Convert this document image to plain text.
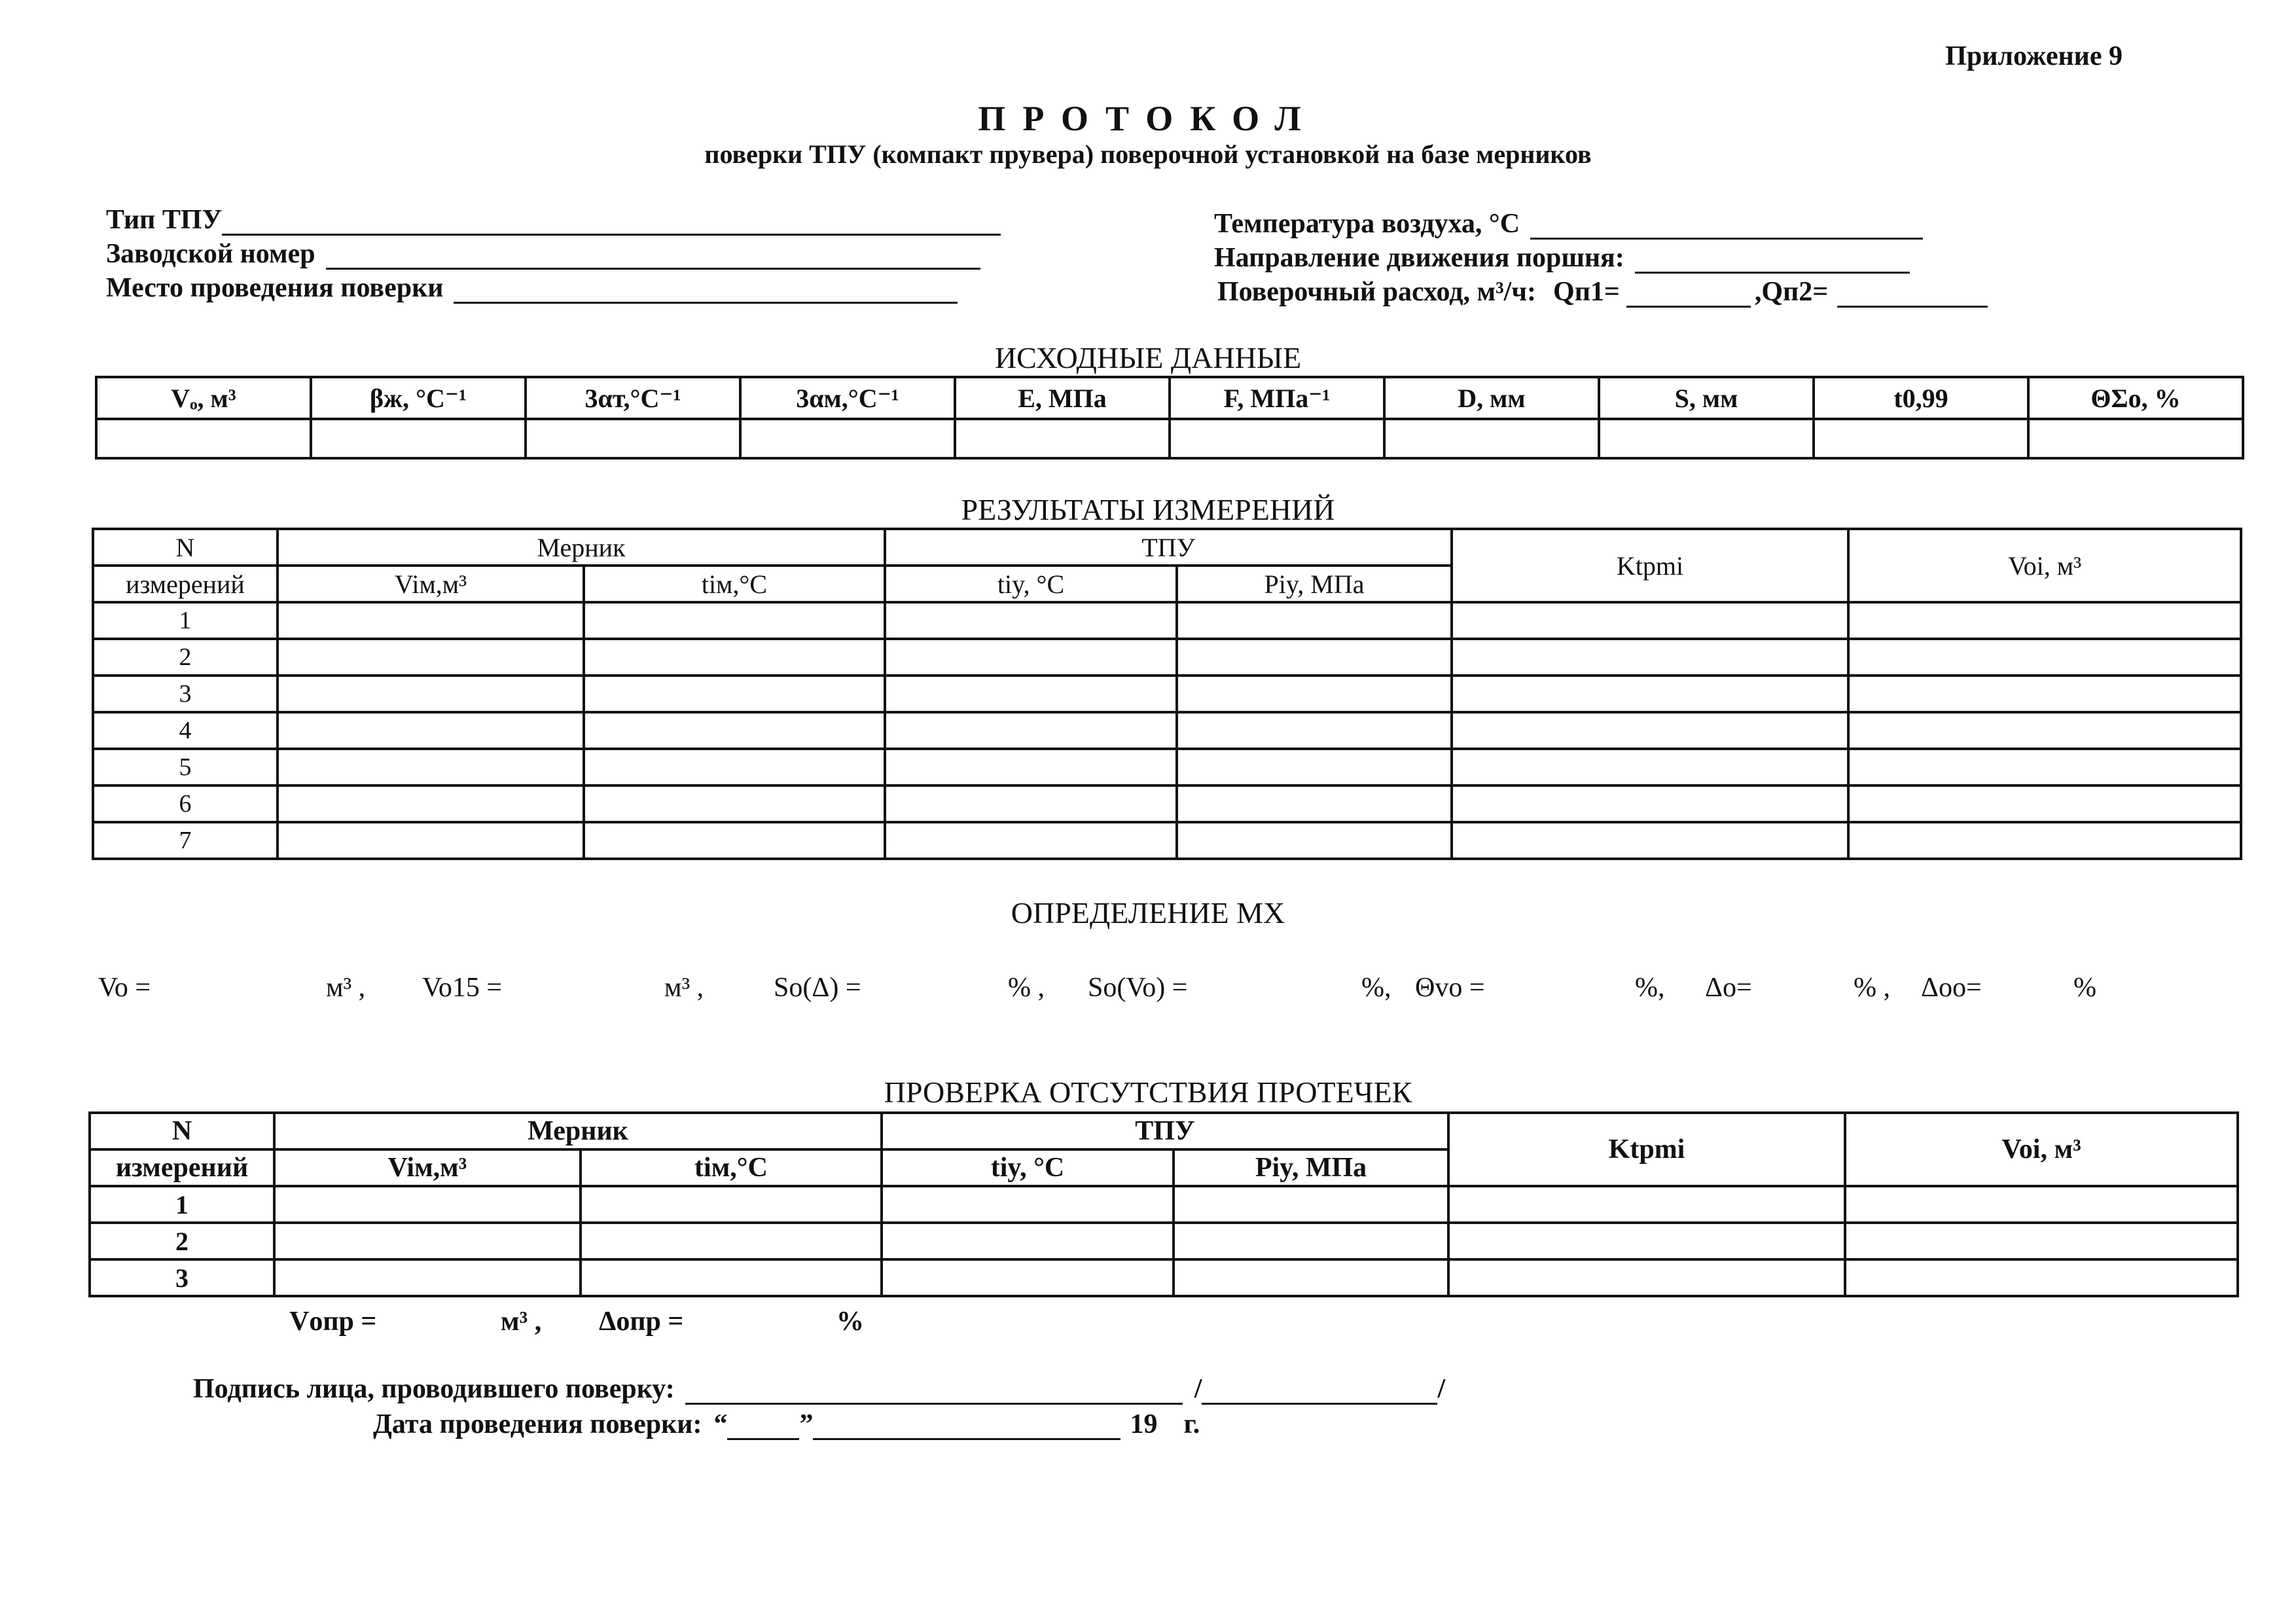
Приложение 9
ПРОТОКОЛ
поверки ТПУ (компакт прувера) поверочной установкой на базе мерников
Тип ТПУ
Заводской номер
Место проведения поверки
Температура воздуха, °С
Направление движения поршня:
Поверочный расход, м³/ч: Qп1=	, Qп2=
ИСХОДНЫЕ ДАННЫЕ
Vₒ, м³	βж, °С⁻¹	3αт,°С⁻¹	3αм,°С⁻¹	E, МПа	F, МПа⁻¹	D, мм	S, мм	t0,99	ΘΣo, %

РЕЗУЛЬТАТЫ ИЗМЕРЕНИЙ
N	Мерник		ТПУ		Ktpmi	Voi, м³
измерений	Viм,м³	tiм,°С	tiy, °С	Piy, МПа		
1						
2						
3						
4						
5						
6						
7						
ОПРЕДЕЛЕНИЕ МХ
Vo =	м³ , Vo15 =	м³ ,	So(Δ) =	% , So(Vo) =	%, Θvo =	%, Δo=	% , Δoo=	%
ПРОВЕРКА ОТСУТСТВИЯ ПРОТЕЧЕК
N	Мерник		ТПУ		Ktpmi	Voi, м³
измерений	Viм,м³	tiм,°С	tiy, °С	Piy, МПа		
1						
2						
3						
Vопр =	м³ , Δопр =	%
Подпись лица, проводившего поверку:	/	/
Дата проведения поверки: “	”	19 г.
